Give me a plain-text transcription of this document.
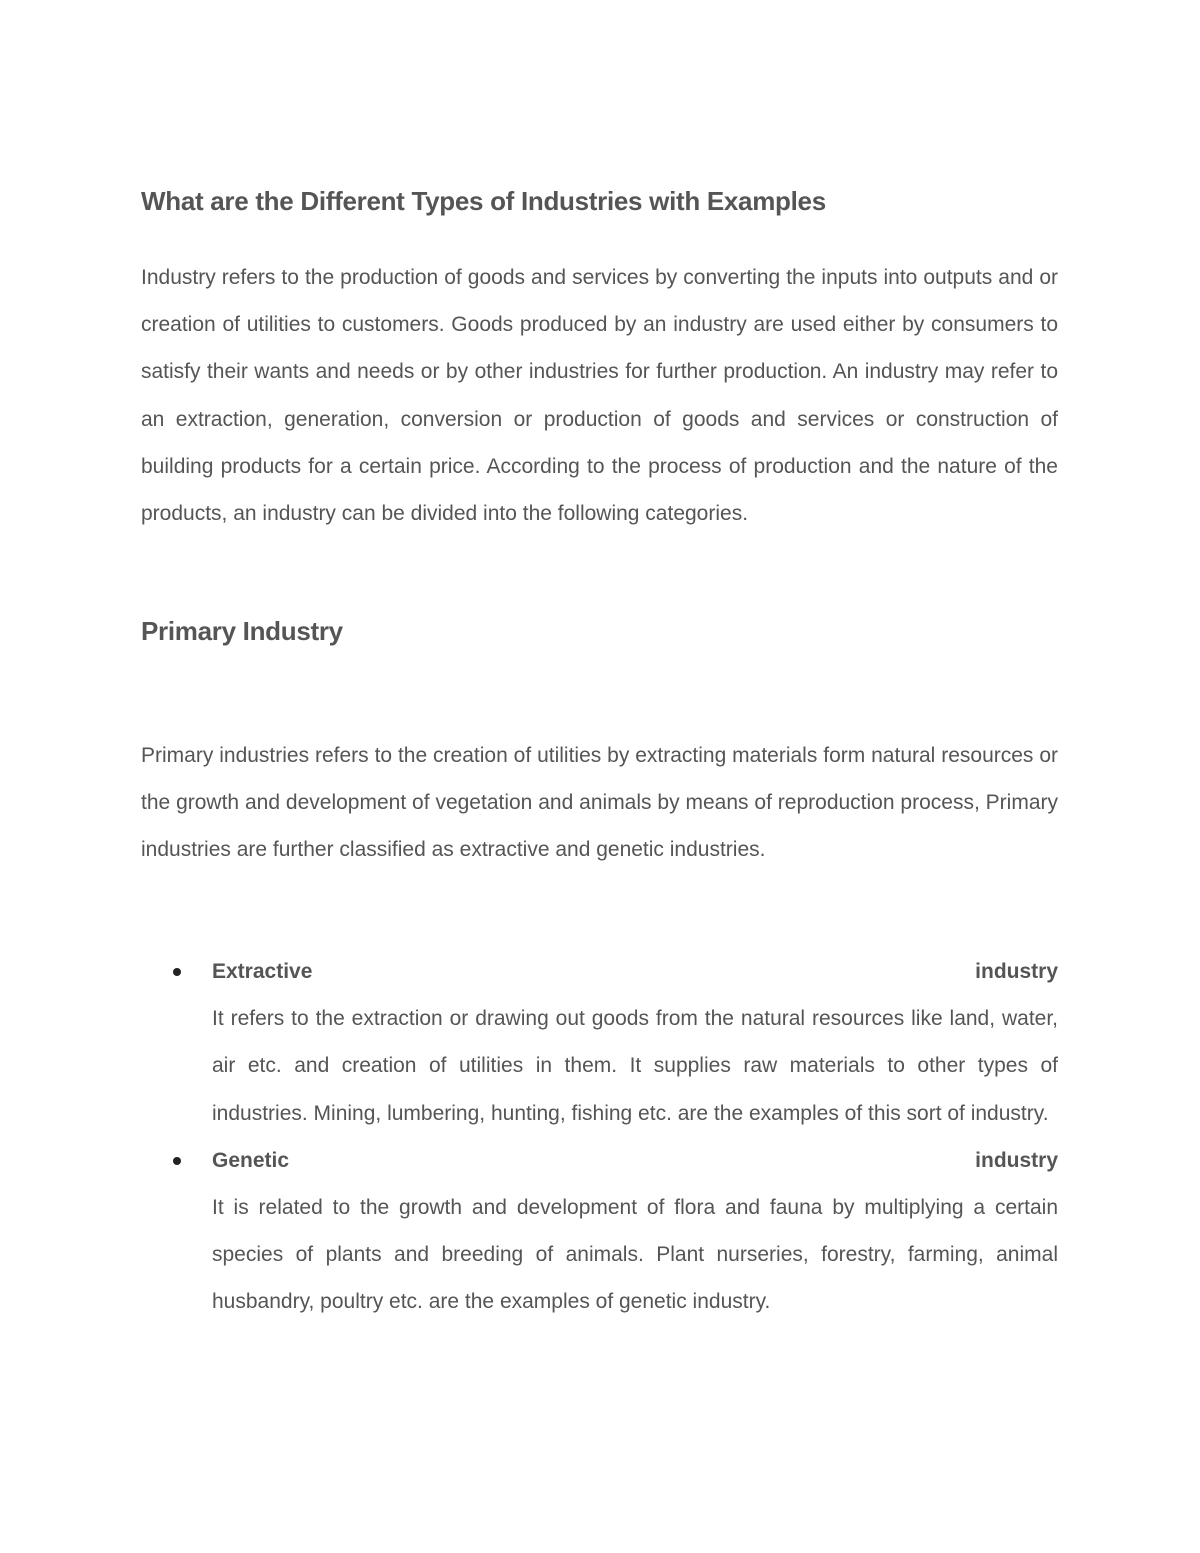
What are the Different Types of Industries with Examples

Industry refers to the production of goods and services by converting the inputs into outputs and or creation of utilities to customers. Goods produced by an industry are used either by consumers to satisfy their wants and needs or by other industries for further production. An industry may refer to an extraction, generation, conversion or production of goods and services or construction of building products for a certain price. According to the process of production and the nature of the products, an industry can be divided into the following categories.

Primary Industry

Primary industries refers to the creation of utilities by extracting materials form natural resources or the growth and development of vegetation and animals by means of reproduction process, Primary industries are further classified as extractive and genetic industries.

Extractive	industry

It refers to the extraction or drawing out goods from the natural resources like land, water, air etc. and creation of utilities in them. It supplies raw materials to other types of industries. Mining, lumbering, hunting, fishing etc. are the examples of this sort of industry.

Genetic	industry

It is related to the growth and development of flora and fauna by multiplying a certain species of plants and breeding of animals. Plant nurseries, forestry, farming, animal husbandry, poultry etc. are the examples of genetic industry.
